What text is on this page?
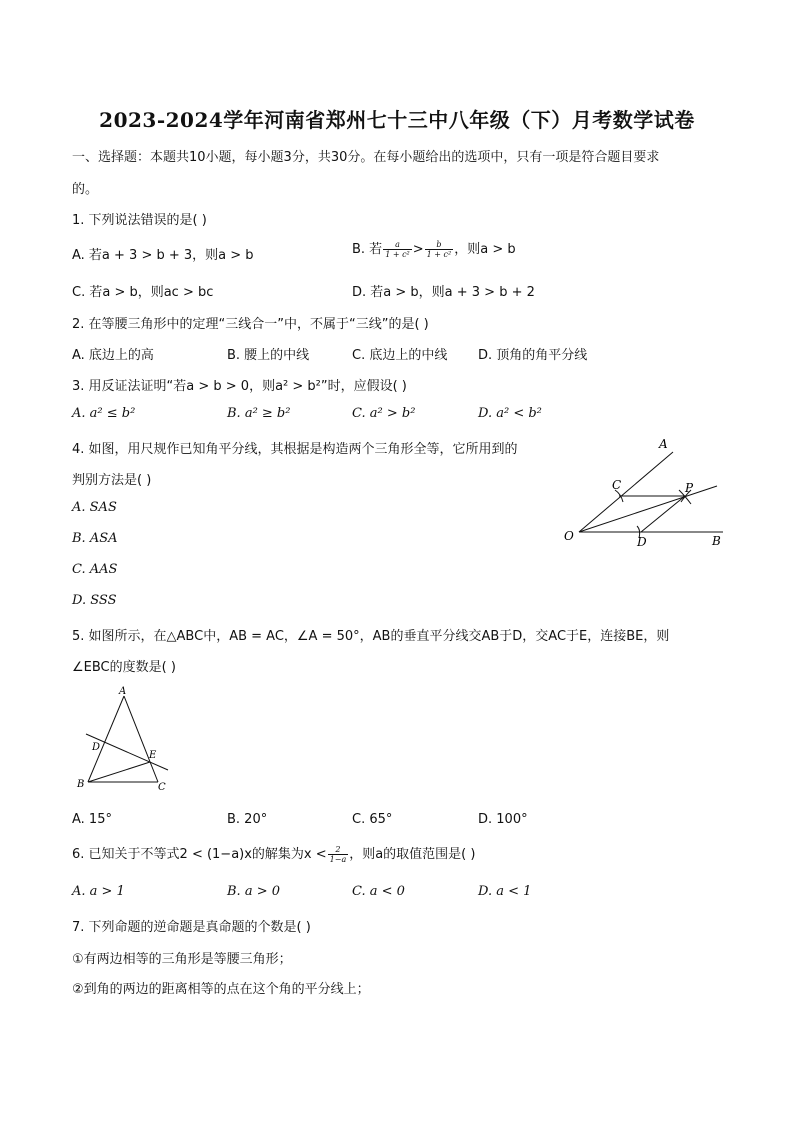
2023-2024学年河南省郑州七十三中八年级（下）月考数学试卷
一、选择题：本题共10小题，每小题3分，共30分。在每小题给出的选项中，只有一项是符合题目要求
的。
1. 下列说法错误的是( )
A. 若a + 3 > b + 3，则a > b	B. 若 $\frac{a}{\text{1 + c²}} > \frac{b}{\text{1 + c²}}$ ，则a > b
C. 若a > b，则ac > bc	D. 若a > b，则a + 3 > b + 2
2. 在等腰三角形中的定理“三线合一”中，不属于“三线”的是( )
A. 底边上的高	B. 腰上的中线	C. 底边上的中线 D. 顶角的角平分线
3. 用反证法证明“若a > b > 0，则a² > b²”时，应假设( )
A. a² ≤ b²	B. a² ≥ b²	C. a² > b²	D. a² < b²
4. 如图，用尺规作已知角平分线，其根据是构造两个三角形全等，它所用到的
判别方法是( )
A. SAS
B. ASA
C. AAS
D. SSS
A
C	P
O	D	B
5. 如图所示，在△ABC中，AB = AC，∠A = 50°，AB的垂直平分线交AB于D，交AC于E，连接BE，则
∠EBC的度数是( )
A
D
E
B	C
A. 15°	B. 20°	C. 65°	D. 100°
6. 已知关于不等式2 < (1−a)x的解集为$x < \frac{2}{1-a}$ ，则a的取值范围是( )
A. a > 1	B. a > 0	C. a < 0	D. a < 1
7. 下列命题的逆命题是真命题的个数是( )
①有两边相等的三角形是等腰三角形；
②到角的两边的距离相等的点在这个角的平分线上；
